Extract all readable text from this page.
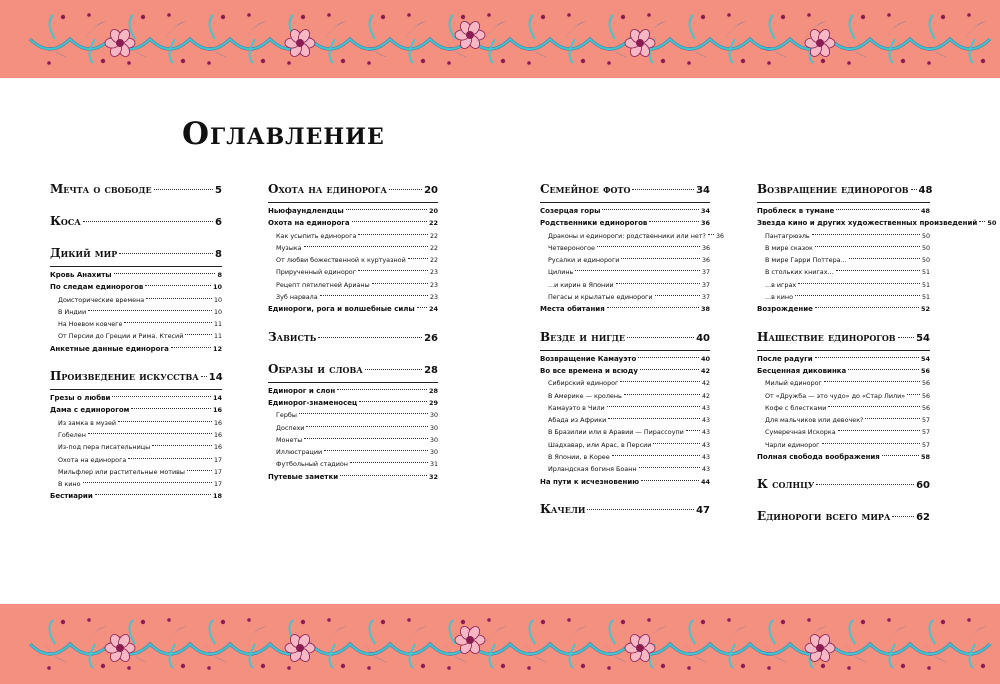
Оглавление
Мечта о свободе	5
Коса	6
Дикий мир	8
Кровь Анахиты	8
По следам единорогов	10
Доисторические времена	10
В Индии	10
На Ноевом ковчеге	11
От Персии до Греции и Рима. Ктесий	11
Анкетные данные единорога	12
Произведение искусства 14
Грезы о любви	14
Дама с единорогом	16
Из замка в музей	16
Гобелен	16
Из-под пера писательницы	16
Охота на единорога	17
Мильфлер или растительные мотивы	17
В кино	17
Бестиарии	18
Охота на единорога	20
Ньюфаундлендцы	20
Охота на единорога	22
Как усыпить единорога	22
Музыка	22
От любви божественной к куртуазной	22
Прирученный единорог	23
Рецепт пятилетней Арианы	23
Зуб нарвала	23
Единороги, рога и волшебные силы 24
Зависть	26
Образы и слова	28
Единорог и слон	28
Единорог-знаменосец	29
Гербы	30
Доспехи	30
Монеты	30
Иллюстрации	30
Футбольный стадион	31
Путевые заметки	32
Семейное фото	34
Созерцая горы	34
Родственники единорогов	36
Драконы и единороги: родственники или нет? 36
Четвероногое	36
Русалки и единороги	36
Цилинь	37
...и кирин в Японии	37
Пегасы и крылатые единороги	37
Места обитания	38
Везде и нигде	40
Возвращение Камауэто	40
Во все времена и всюду	42
Сибирский единорог	42
В Америке — кролень	42
Камауэто в Чили	43
Абада из Африки	43
В Бразилии или в Аравии — Пираcсоупи	43
Шадхавар, или Арас, в Персии	43
В Японии, в Корее	43
Ирландская богиня Боанн	43
На пути к исчезновению	44
Качели	47
Возвращение единорогов 48
Проблеск в тумане	48
Звезда кино и других художественных произведений 50
Пантагрюэль	50
В мире сказок	50
В мире Гарри Поттера...	50
В стольких книгах...	51
...в играх	51
...в кино	51
Возрождение	52
Нашествие единорогов 54
После радуги	54
Бесценная диковинка	56
Милый единорог	56
От «Дружба — это чудо» до «Стар Лили»	56
Кофе с блестками	56
Для мальчиков или девочек?	57
Сумеречная Искорка	57
Чарли единорог	57
Полная свобода воображения	58
К солнцу	60
Единороги всего мира	62
